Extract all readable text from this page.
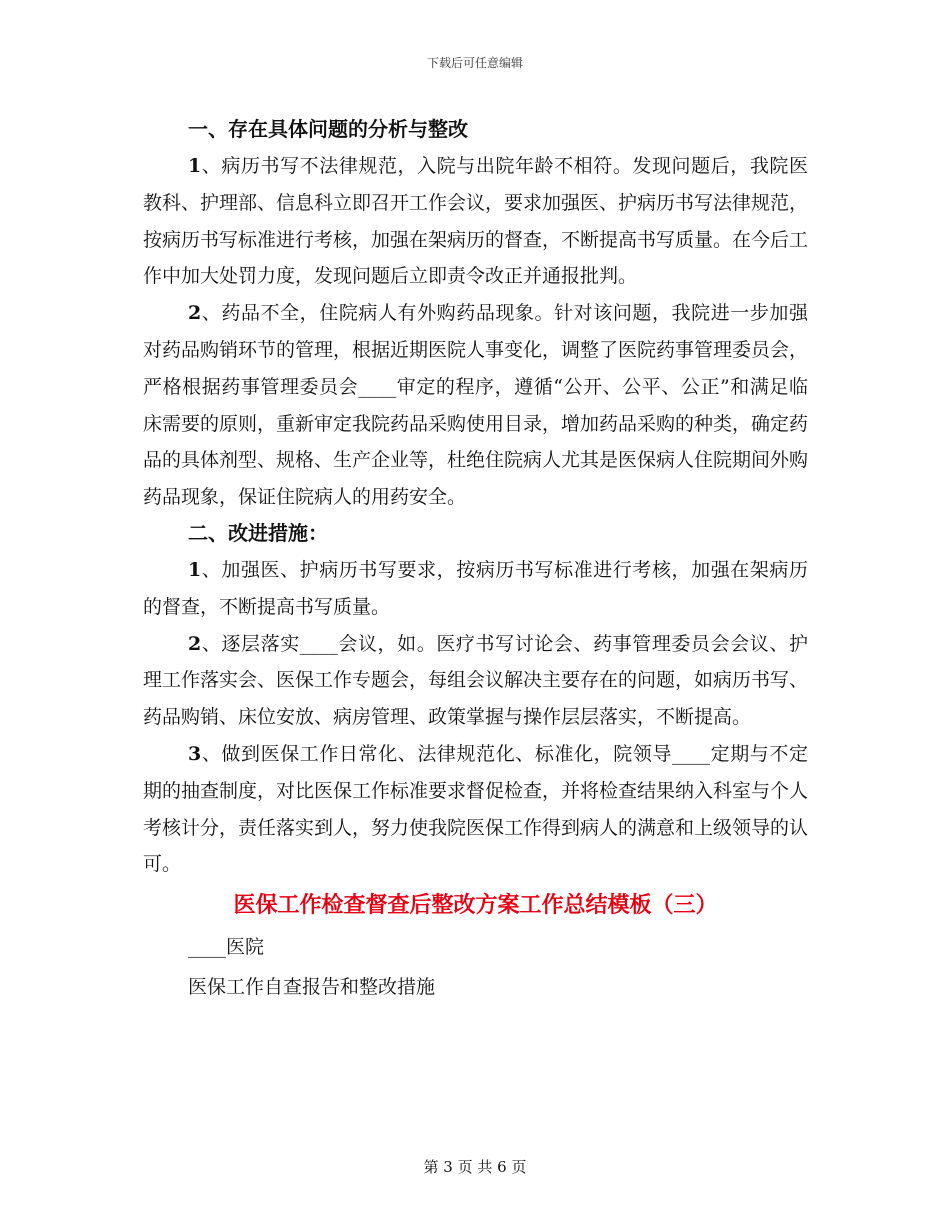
下载后可任意编辑
一、存在具体问题的分析与整改

1、病历书写不法律规范，入院与出院年龄不相符。发现问题后，我院医教科、护理部、信息科立即召开工作会议，要求加强医、护病历书写法律规范，按病历书写标准进行考核，加强在架病历的督查，不断提高书写质量。在今后工作中加大处罚力度，发现问题后立即责令改正并通报批判。

2、药品不全，住院病人有外购药品现象。针对该问题，我院进一步加强对药品购销环节的管理，根据近期医院人事变化，调整了医院药事管理委员会，严格根据药事管理委员会____审定的程序，遵循“公开、公平、公正”和满足临床需要的原则，重新审定我院药品采购使用目录，增加药品采购的种类，确定药品的具体剂型、规格、生产企业等，杜绝住院病人尤其是医保病人住院期间外购药品现象，保证住院病人的用药安全。

二、改进措施：

1、加强医、护病历书写要求，按病历书写标准进行考核，加强在架病历的督查，不断提高书写质量。

2、逐层落实____会议，如。医疗书写讨论会、药事管理委员会会议、护理工作落实会、医保工作专题会，每组会议解决主要存在的问题，如病历书写、药品购销、床位安放、病房管理、政策掌握与操作层层落实，不断提高。

3、做到医保工作日常化、法律规范化、标准化，院领导____定期与不定期的抽查制度，对比医保工作标准要求督促检查，并将检查结果纳入科室与个人考核计分，责任落实到人，努力使我院医保工作得到病人的满意和上级领导的认可。

医保工作检查督查后整改方案工作总结模板（三）
____医院
医保工作自查报告和整改措施
第 3 页 共 6 页
